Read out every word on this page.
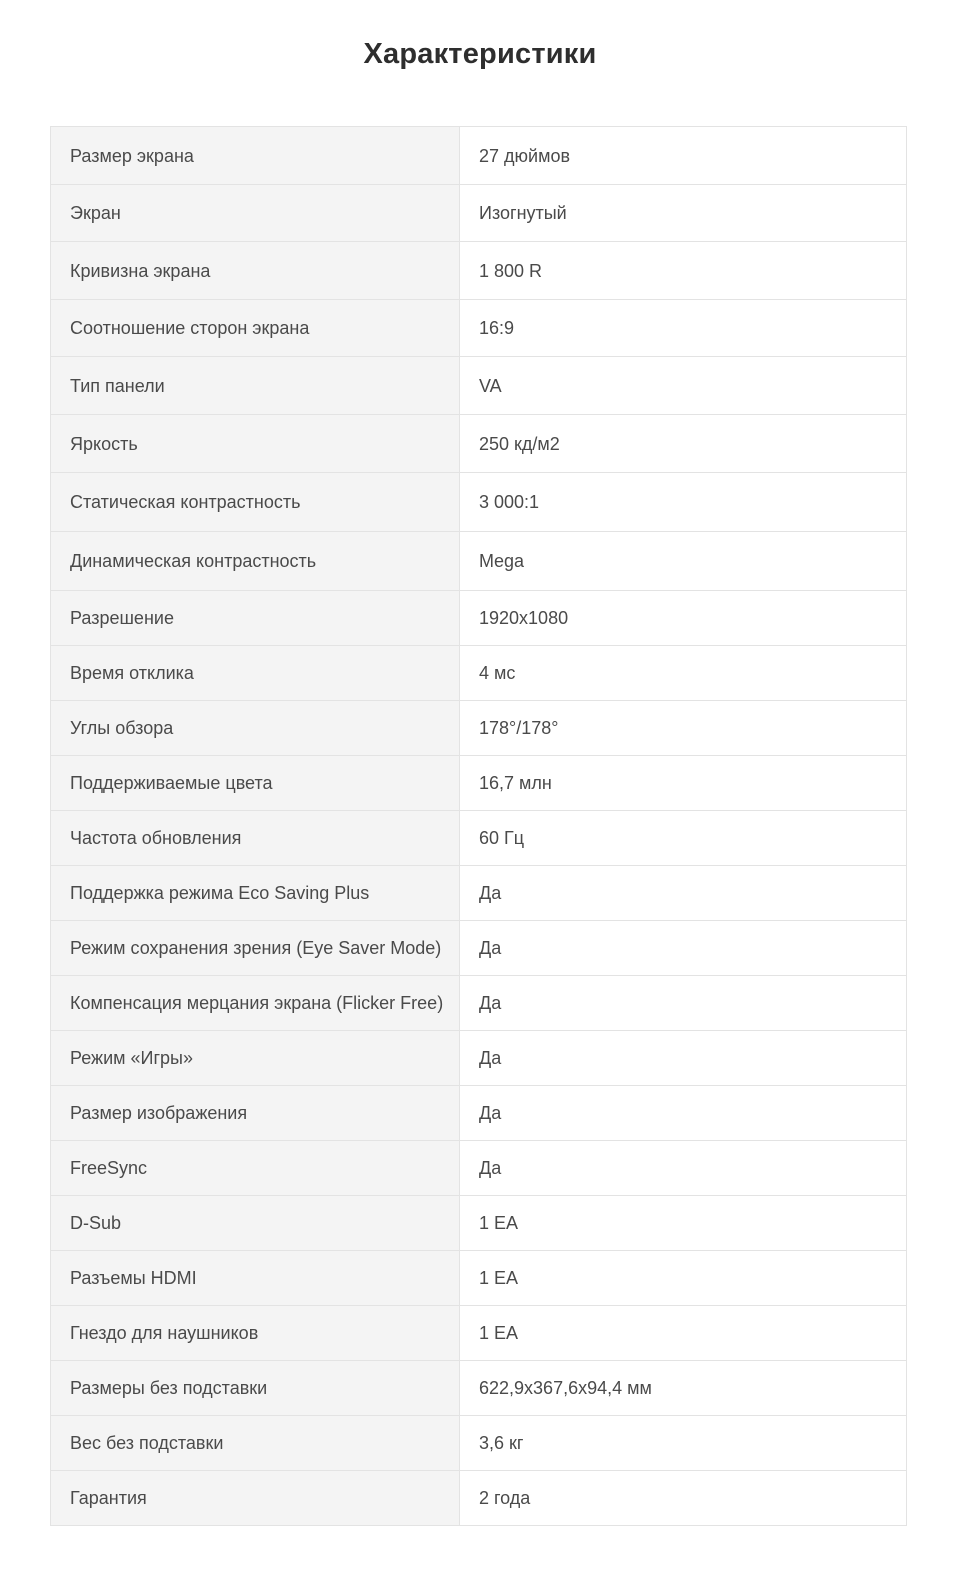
Характеристики
Размер экрана	27 дюймов
Экран	Изогнутый
Кривизна экрана	1 800 R
Соотношение сторон экрана	16:9
Тип панели	VA
Яркость	250 кд/м2
Статическая контрастность	3 000:1
Динамическая контрастность	Mega
Разрешение	1920x1080
Время отклика	4 мс
Углы обзора	178°/178°
Поддерживаемые цвета	16,7 млн
Частота обновления	60 Гц
Поддержка режима Eco Saving Plus	Да
Режим сохранения зрения (Eye Saver Mode)	Да
Компенсация мерцания экрана (Flicker Free)	Да
Режим «Игры»	Да
Размер изображения	Да
FreeSync	Да
D-Sub	1 EA
Разъемы HDMI	1 EA
Гнездо для наушников	1 EA
Размеры без подставки	622,9x367,6x94,4 мм
Вес без подставки	3,6 кг
Гарантия	2 года
